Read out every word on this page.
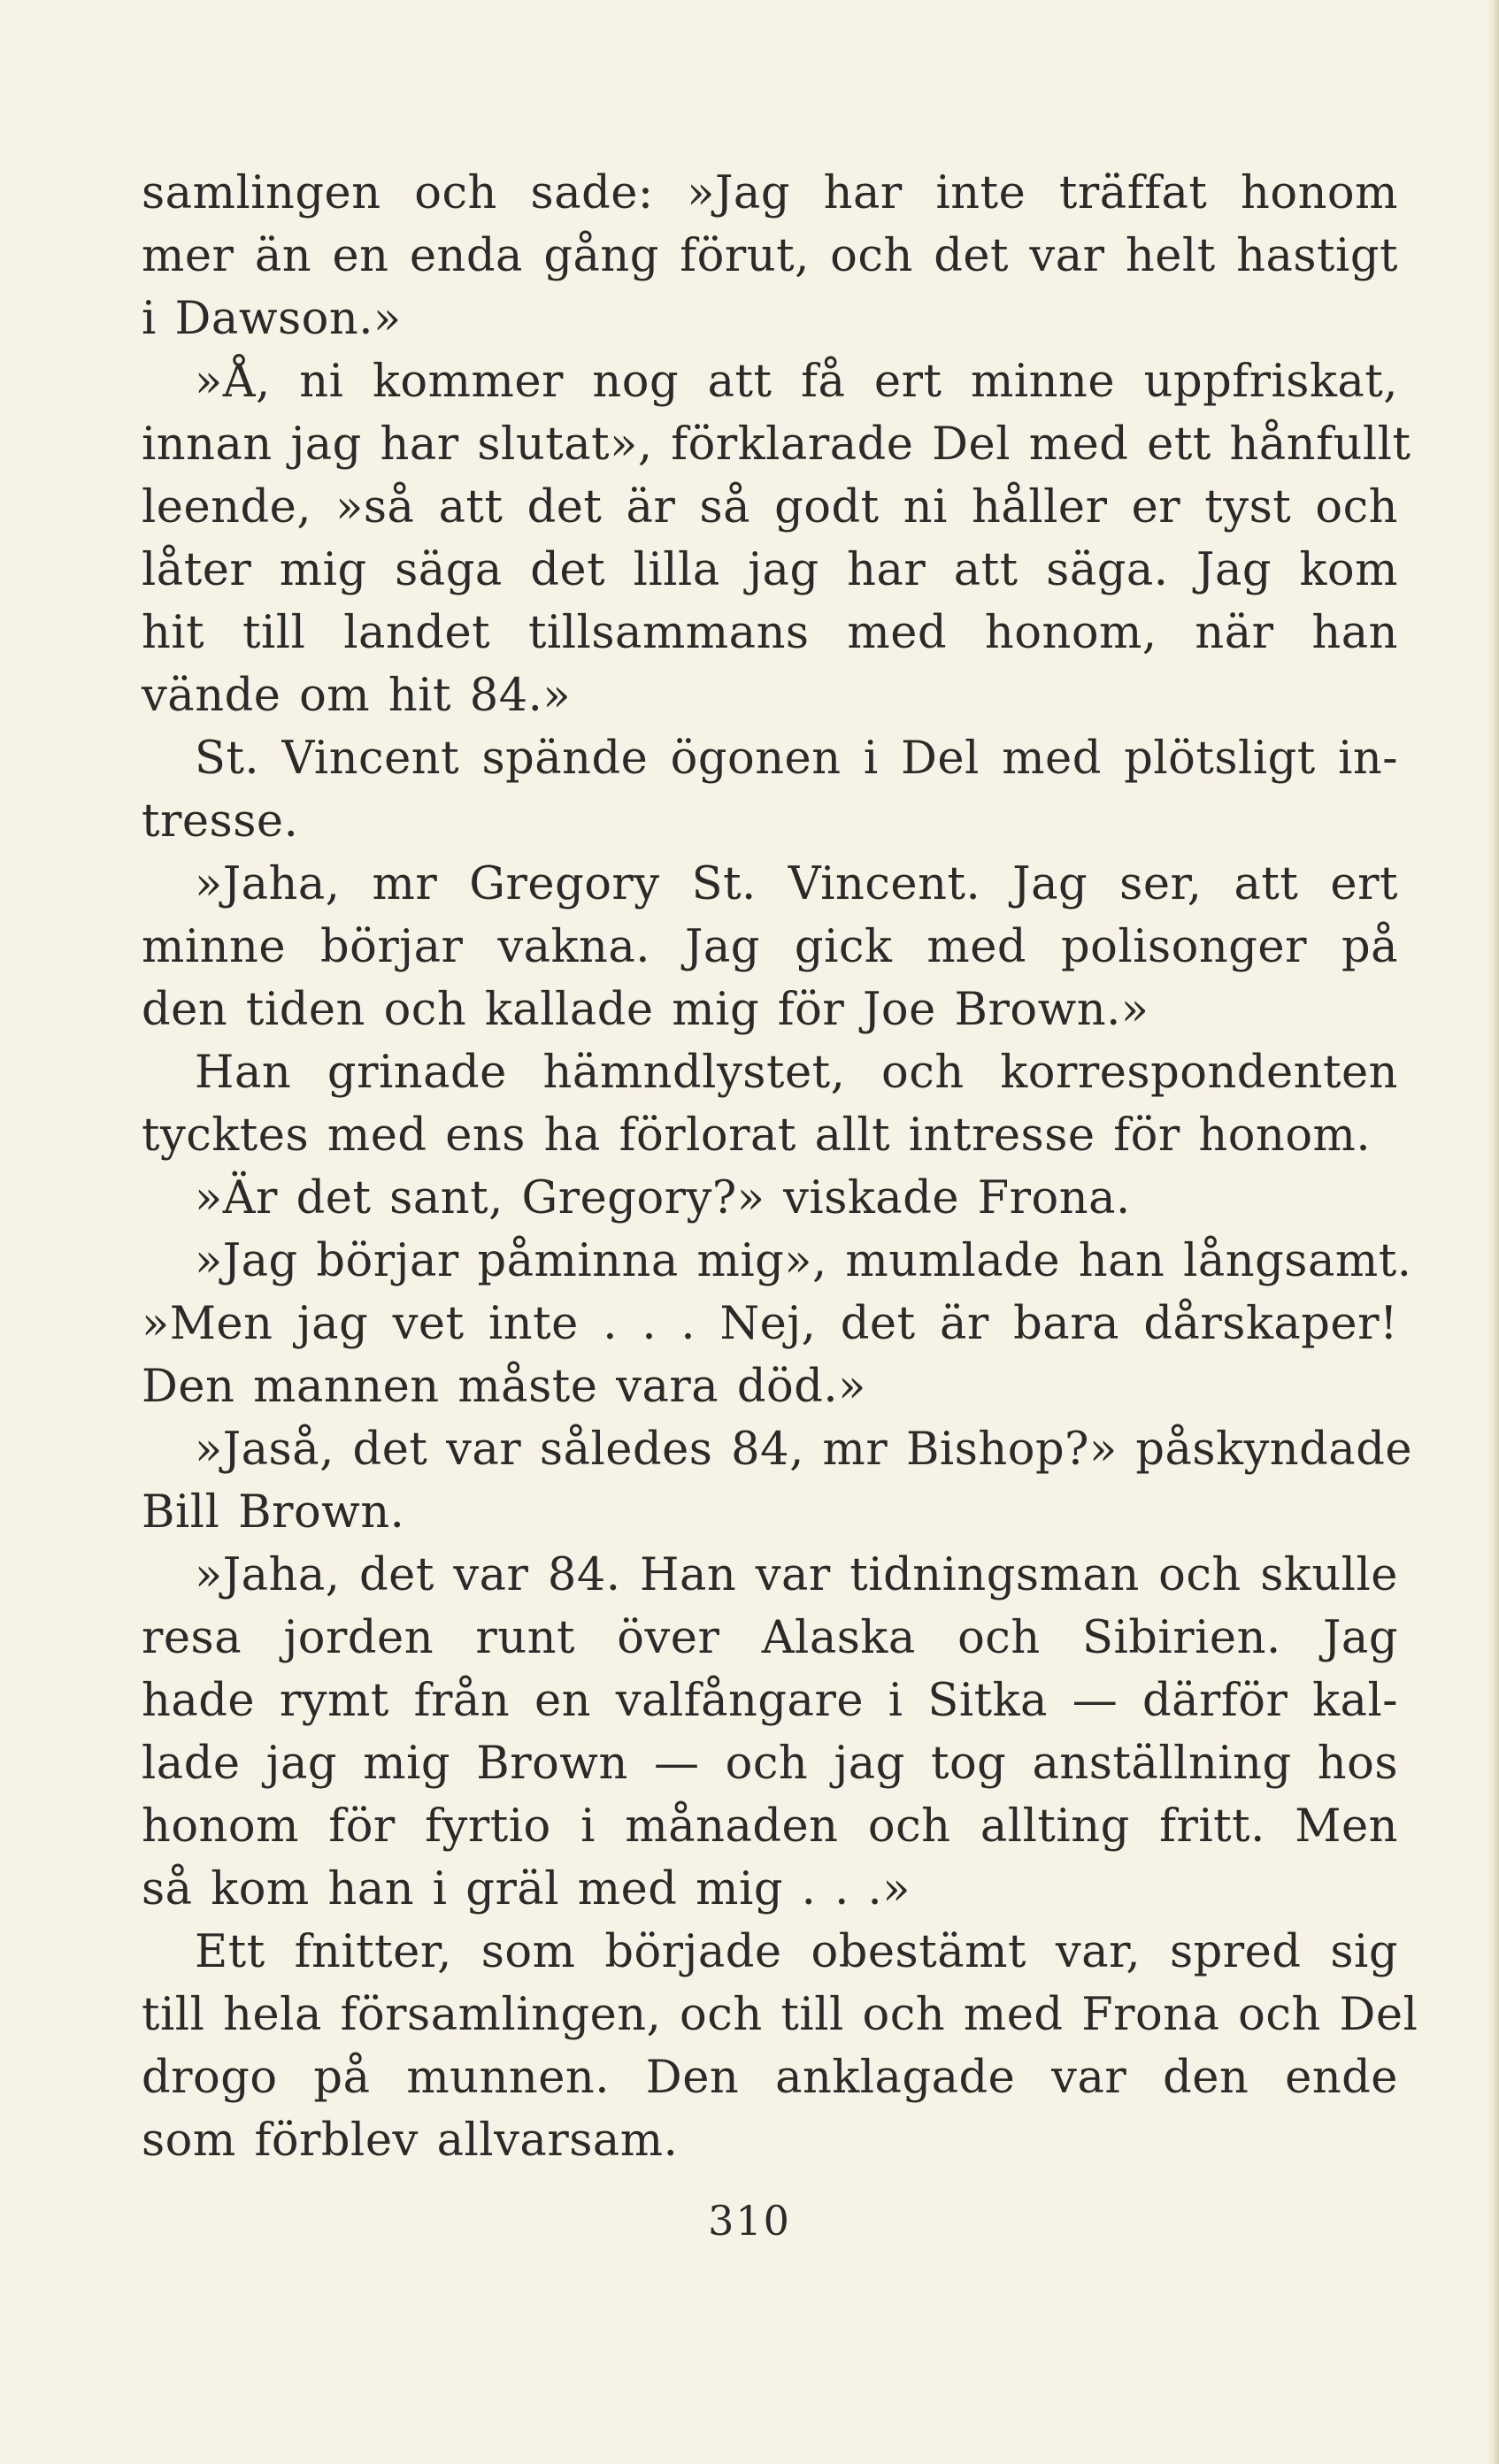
samlingen och sade: »Jag har inte träffat honom
mer än en enda gång förut, och det var helt hastigt
i Dawson.»
»Å, ni kommer nog att få ert minne uppfriskat,
innan jag har slutat», förklarade Del med ett hånfullt
leende, »så att det är så godt ni håller er tyst och
låter mig säga det lilla jag har att säga. Jag kom
hit till landet tillsammans med honom, när han
vände om hit 84.»
St. Vincent spände ögonen i Del med plötsligt in-
tresse.
»Jaha, mr Gregory St. Vincent. Jag ser, att ert
minne börjar vakna. Jag gick med polisonger på
den tiden och kallade mig för Joe Brown.»
Han grinade hämndlystet, och korrespondenten
tycktes med ens ha förlorat allt intresse för honom.
»Är det sant, Gregory?» viskade Frona.
»Jag börjar påminna mig», mumlade han långsamt.
»Men jag vet inte . . . Nej, det är bara dårskaper!
Den mannen måste vara död.»
»Jaså, det var således 84, mr Bishop?» påskyndade
Bill Brown.
»Jaha, det var 84. Han var tidningsman och skulle
resa jorden runt över Alaska och Sibirien. Jag
hade rymt från en valfångare i Sitka — därför kal-
lade jag mig Brown — och jag tog anställning hos
honom för fyrtio i månaden och allting fritt. Men
så kom han i gräl med mig . . .»
Ett fnitter, som började obestämt var, spred sig
till hela församlingen, och till och med Frona och Del
drogo på munnen. Den anklagade var den ende
som förblev allvarsam.
310
